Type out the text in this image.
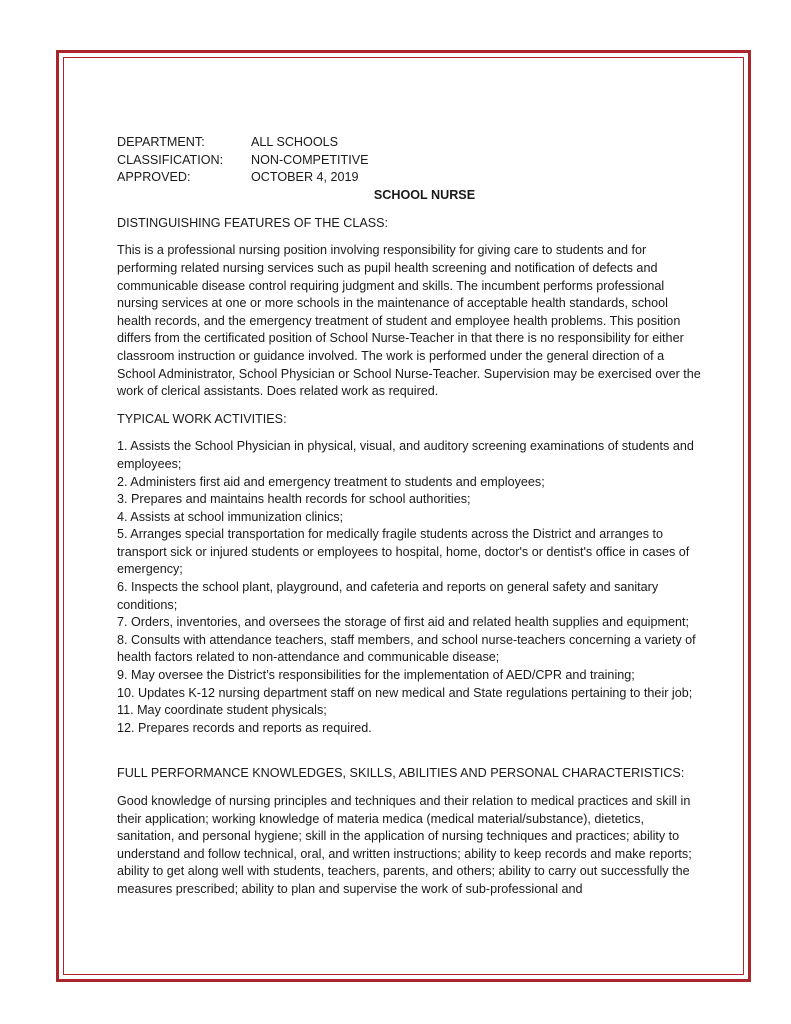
DEPARTMENT:	ALL SCHOOLS
CLASSIFICATION:	NON-COMPETITIVE
APPROVED:	OCTOBER 4, 2019
SCHOOL NURSE
DISTINGUISHING FEATURES OF THE CLASS:
This is a professional nursing position involving responsibility for giving care to students and for performing related nursing services such as pupil health screening and notification of defects and communicable disease control requiring judgment and skills. The incumbent performs professional nursing services at one or more schools in the maintenance of acceptable health standards, school health records, and the emergency treatment of student and employee health problems. This position differs from the certificated position of School Nurse-Teacher in that there is no responsibility for either classroom instruction or guidance involved. The work is performed under the general direction of a School Administrator, School Physician or School Nurse-Teacher. Supervision may be exercised over the work of clerical assistants. Does related work as required.
TYPICAL WORK ACTIVITIES:
1. Assists the School Physician in physical, visual, and auditory screening examinations of students and employees;
2. Administers first aid and emergency treatment to students and employees;
3. Prepares and maintains health records for school authorities;
4. Assists at school immunization clinics;
5. Arranges special transportation for medically fragile students across the District and arranges to transport sick or injured students or employees to hospital, home, doctor's or dentist's office in cases of emergency;
6. Inspects the school plant, playground, and cafeteria and reports on general safety and sanitary conditions;
7. Orders, inventories, and oversees the storage of first aid and related health supplies and equipment;
8. Consults with attendance teachers, staff members, and school nurse-teachers concerning a variety of health factors related to non-attendance and communicable disease;
9. May oversee the District’s responsibilities for the implementation of AED/CPR and training;
10. Updates K-12 nursing department staff on new medical and State regulations pertaining to their job;
11. May coordinate student physicals;
12. Prepares records and reports as required.
FULL PERFORMANCE KNOWLEDGES, SKILLS, ABILITIES AND PERSONAL CHARACTERISTICS:
Good knowledge of nursing principles and techniques and their relation to medical practices and skill in their application; working knowledge of materia medica (medical material/substance), dietetics, sanitation, and personal hygiene; skill in the application of nursing techniques and practices; ability to understand and follow technical, oral, and written instructions; ability to keep records and make reports; ability to get along well with students, teachers, parents, and others; ability to carry out successfully the measures prescribed; ability to plan and supervise the work of sub-professional and
